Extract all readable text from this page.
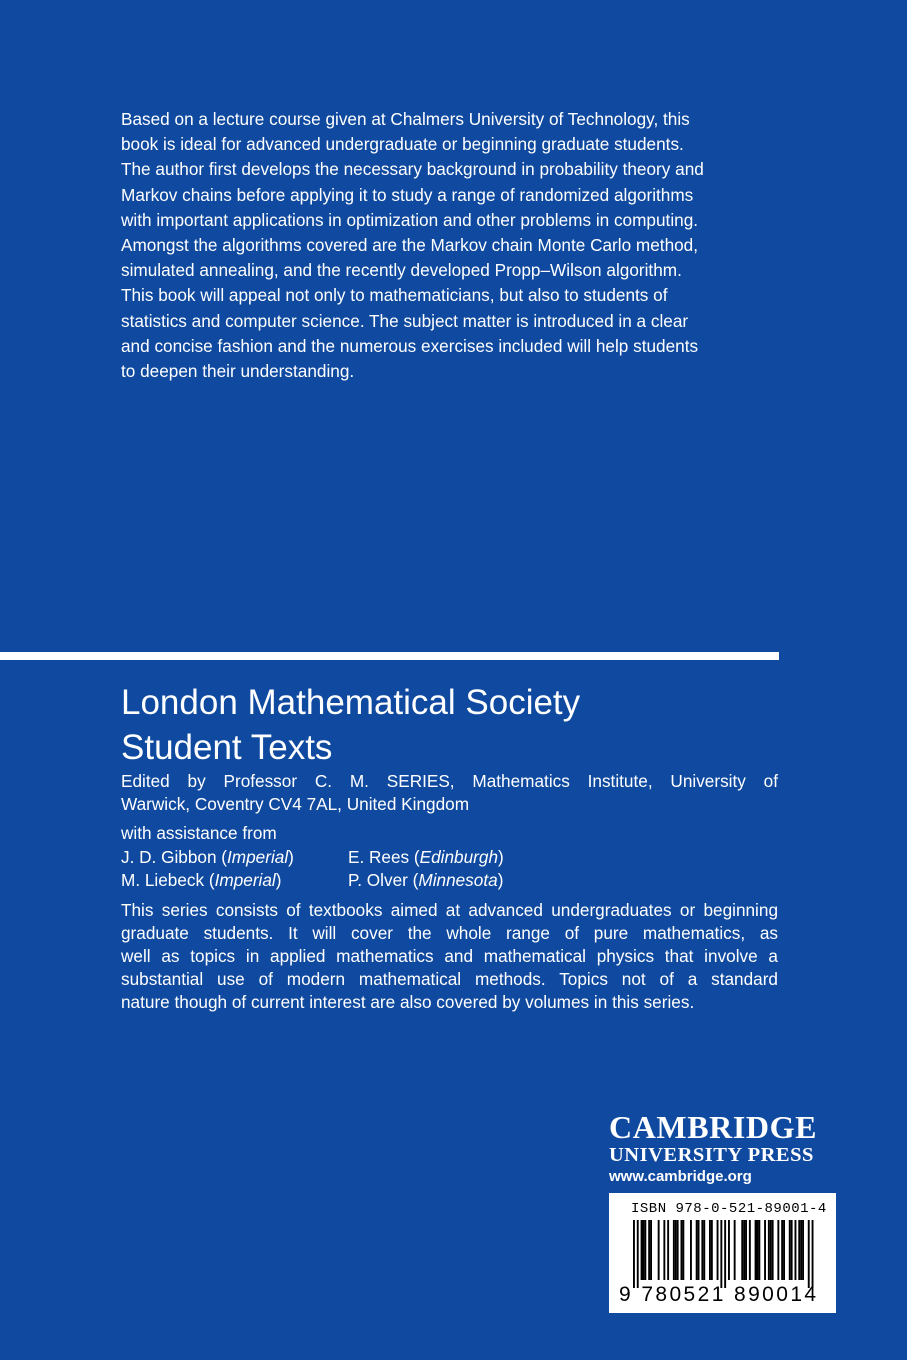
Based on a lecture course given at Chalmers University of Technology, this
book is ideal for advanced undergraduate or beginning graduate students.
The author first develops the necessary background in probability theory and
Markov chains before applying it to study a range of randomized algorithms
with important applications in optimization and other problems in computing.
Amongst the algorithms covered are the Markov chain Monte Carlo method,
simulated annealing, and the recently developed Propp–Wilson algorithm.
This book will appeal not only to mathematicians, but also to students of
statistics and computer science. The subject matter is introduced in a clear
and concise fashion and the numerous exercises included will help students
to deepen their understanding.
London Mathematical Society
Student Texts
Edited by Professor C. M. SERIES, Mathematics Institute, University of
Warwick, Coventry CV4 7AL, United Kingdom
with assistance from
J. D. Gibbon (Imperial)	E. Rees (Edinburgh)
M. Liebeck (Imperial)	P. Olver (Minnesota)
This series consists of textbooks aimed at advanced undergraduates or beginning
graduate students. It will cover the whole range of pure mathematics, as
well as topics in applied mathematics and mathematical physics that involve a
substantial use of modern mathematical methods. Topics not of a standard
nature though of current interest are also covered by volumes in this series.
CAMBRIDGE
UNIVERSITY PRESS
www.cambridge.org
ISBN 978-0-521-89001-4
9 780521 890014
